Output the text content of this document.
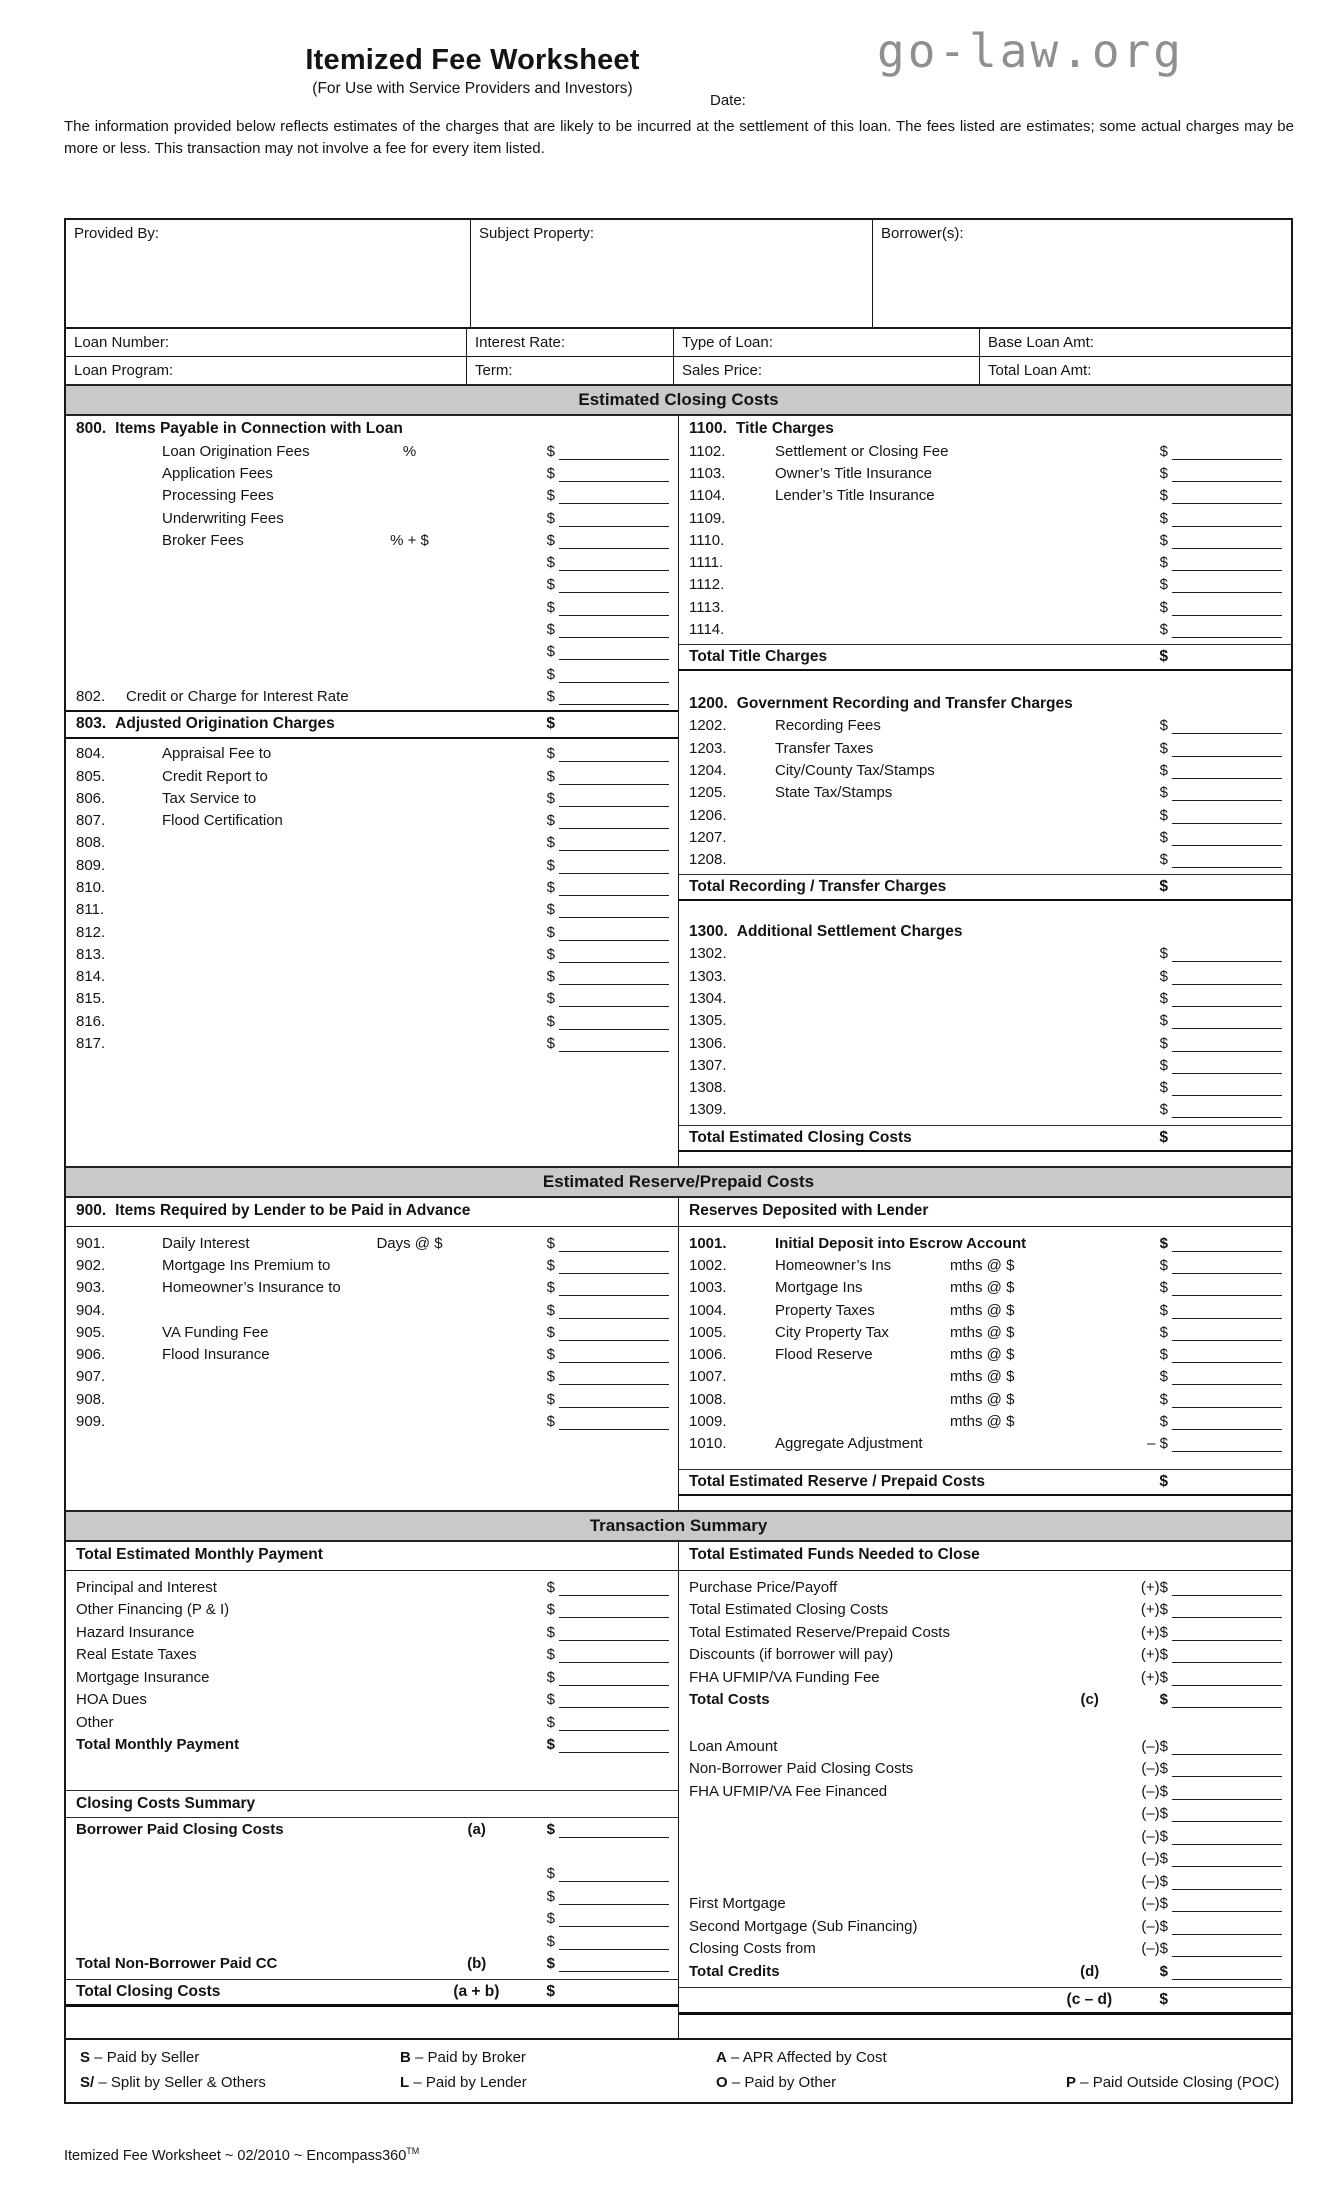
go-law.org
Itemized Fee Worksheet
(For Use with Service Providers and Investors)
Date:
The information provided below reflects estimates of the charges that are likely to be incurred at the settlement of this loan. The fees listed are estimates; some actual charges may be more or less. This transaction may not involve a fee for every item listed.
Provided By:	Subject Property:	Borrower(s):
Loan Number:	Interest Rate:	Type of Loan:	Base Loan Amt:
Loan Program:	Term:	Sales Price:	Total Loan Amt:
Estimated Closing Costs
800. Items Payable in Connection with Loan
Loan Origination Fees	%	$
Application Fees	$
Processing Fees	$
Underwriting Fees	$
Broker Fees	% + $	$
$
$
$
$
$
$
802.	Credit or Charge for Interest Rate	$
803. Adjusted Origination Charges	$
804.	Appraisal Fee to	$
805.	Credit Report to	$
806.	Tax Service to	$
807.	Flood Certification	$
808.	$
809.	$
810.	$
811.	$
812.	$
813.	$
814.	$
815.	$
816.	$
817.	$
1100. Title Charges
1102.	Settlement or Closing Fee	$
1103.	Owner’s Title Insurance	$
1104.	Lender’s Title Insurance	$
1109.	$
1110.	$
1111.	$
1112.	$
1113.	$
1114.	$
Total Title Charges	$
1200. Government Recording and Transfer Charges
1202.	Recording Fees	$
1203.	Transfer Taxes	$
1204.	City/County Tax/Stamps	$
1205.	State Tax/Stamps	$
1206.	$
1207.	$
1208.	$
Total Recording / Transfer Charges	$
1300. Additional Settlement Charges
1302.	$
1303.	$
1304.	$
1305.	$
1306.	$
1307.	$
1308.	$
1309.	$
Total Estimated Closing Costs	$
Estimated Reserve/Prepaid Costs
900. Items Required by Lender to be Paid in Advance
901.	Daily Interest	Days @ $	$
902.	Mortgage Ins Premium to	$
903.	Homeowner’s Insurance to	$
904.	$
905.	VA Funding Fee	$
906.	Flood Insurance	$
907.	$
908.	$
909.	$
Reserves Deposited with Lender
1001.	Initial Deposit into Escrow Account	$
1002.	Homeowner’s Ins	mths @ $	$
1003.	Mortgage Ins	mths @ $	$
1004.	Property Taxes	mths @ $	$
1005.	City Property Tax	mths @ $	$
1006.	Flood Reserve	mths @ $	$
1007.	mths @ $	$
1008.	mths @ $	$
1009.	mths @ $	$
1010.	Aggregate Adjustment	– $
Total Estimated Reserve / Prepaid Costs	$
Transaction Summary
Total Estimated Monthly Payment
Principal and Interest	$
Other Financing (P & I)	$
Hazard Insurance	$
Real Estate Taxes	$
Mortgage Insurance	$
HOA Dues	$
Other	$
Total Monthly Payment	$
Closing Costs Summary
Borrower Paid Closing Costs	(a)	$
$
$
$
$
Total Non-Borrower Paid CC	(b)	$
Total Closing Costs	(a + b)	$
Total Estimated Funds Needed to Close
Purchase Price/Payoff	(+)$
Total Estimated Closing Costs	(+)$
Total Estimated Reserve/Prepaid Costs	(+)$
Discounts (if borrower will pay)	(+)$
FHA UFMIP/VA Funding Fee	(+)$
Total Costs	(c)	$
Loan Amount	(–)$
Non-Borrower Paid Closing Costs	(–)$
FHA UFMIP/VA Fee Financed	(–)$
(–)$
(–)$
(–)$
(–)$
First Mortgage	(–)$
Second Mortgage (Sub Financing)	(–)$
Closing Costs from	(–)$
Total Credits	(d)	$
(c – d)	$
S – Paid by Seller	B – Paid by Broker	A – APR Affected by Cost
S/ – Split by Seller & Others	L – Paid by Lender	O – Paid by Other	P – Paid Outside Closing (POC)
Itemized Fee Worksheet ~ 02/2010 ~ Encompass360™
